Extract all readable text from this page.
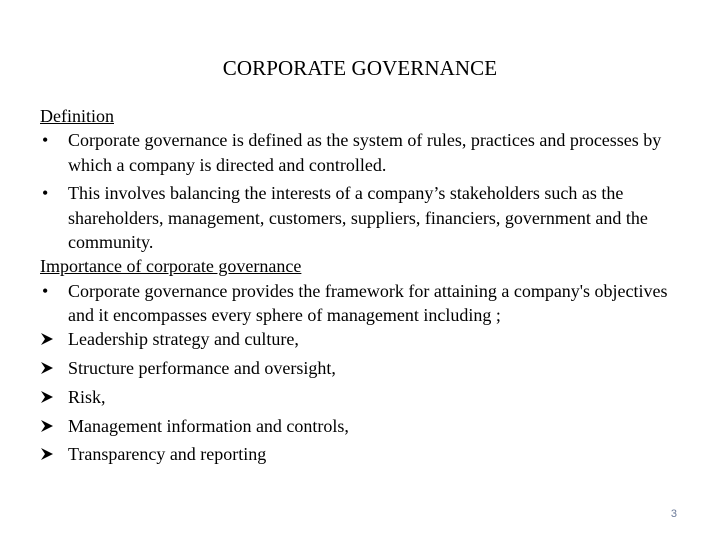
CORPORATE GOVERNANCE
Definition
•	Corporate governance is defined as the system of rules, practices and processes by which a company is directed and controlled.
•	This involves balancing the interests of a company’s stakeholders such as the shareholders, management, customers, suppliers, financiers, government and the community.
Importance of corporate governance
•	Corporate governance provides the framework for attaining a company's objectives and it encompasses every sphere of management including ;
Leadership strategy and culture,
Structure performance and oversight,
Risk,
Management information and controls,
Transparency and reporting
3
